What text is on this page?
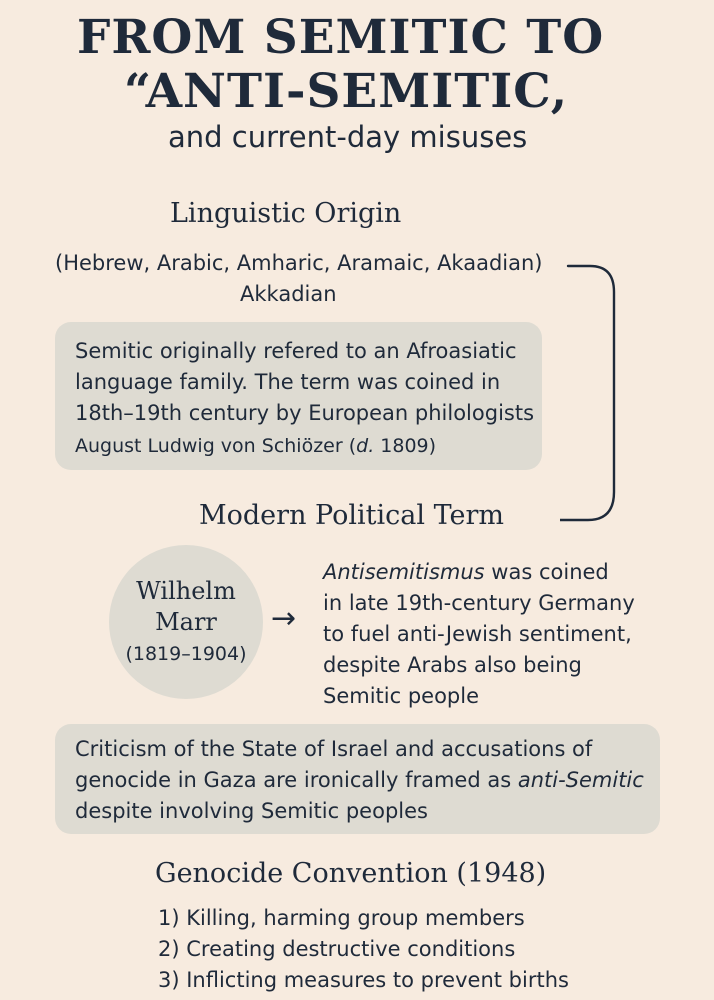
FROM SEMITIC TO
“ANTI-SEMITIC,
and current-day misuses
Linguistic Origin
(Hebrew, Arabic, Amharic, Aramaic, Akaadian)
Akkadian
Semitic originally refered to an Afroasiatic
language family. The term was coined in
18th–19th century by European philologists
August Ludwig von Schiözer (d. 1809)
Modern Political Term
Wilhelm
Marr
(1819–1904)
→
Antisemitismus was coined
in late 19th-century Germany
to fuel anti-Jewish sentiment,
despite Arabs also being
Semitic people
Criticism of the State of Israel and accusations of
genocide in Gaza are ironically framed as anti-Semitic
despite involving Semitic peoples
Genocide Convention (1948)
1) Killing, harming group members
2) Creating destructive conditions
3) Inflicting measures to prevent births
